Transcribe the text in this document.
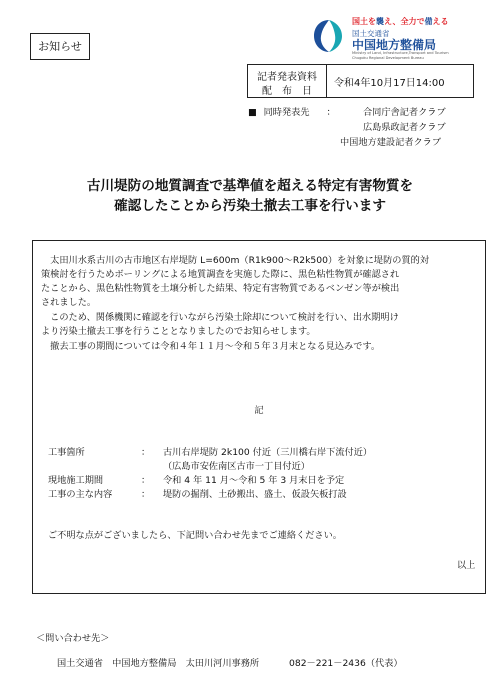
お知らせ
国土を襲え、全力で備える
国土交通省
中国地方整備局
Ministry of Land, Infrastructure,Transport and Tourism
Chugoku Regional Development Bureau
記者発表資料
配　布　日
令和4年10月17日14:00
■ 同時発表先 ：	合同庁舎記者クラブ
広島県政記者クラブ
中国地方建設記者クラブ
古川堤防の地質調査で基準値を超える特定有害物質を
確認したことから汚染土撤去工事を行います
　太田川水系古川の古市地区右岸堤防 L=600m（R1k900～R2k500）を対象に堤防の質的対
策検討を行うためボーリングによる地質調査を実施した際に、黒色粘性物質が確認され
たことから、黒色粘性物質を土壌分析した結果、特定有害物質であるベンゼン等が検出
されました。
　このため、関係機関に確認を行いながら汚染土除却について検討を行い、出水期明け
より汚染土撤去工事を行うこととなりましたのでお知らせします。
　撤去工事の期間については令和４年１１月～令和５年３月末となる見込みです。
記
工事箇所	： 古川右岸堤防 2k100 付近（三川橋右岸下流付近）
（広島市安佐南区古市一丁目付近）
現地施工期間	： 令和 4 年 11 月～令和 5 年 3 月末日を予定
工事の主な内容	： 堤防の掘削、土砂搬出、盛土、仮設矢板打設
ご不明な点がございましたら、下記問い合わせ先までご連絡ください。
以上
＜問い合わせ先＞
国土交通省　中国地方整備局　太田川河川事務所	082－221－2436（代表）
